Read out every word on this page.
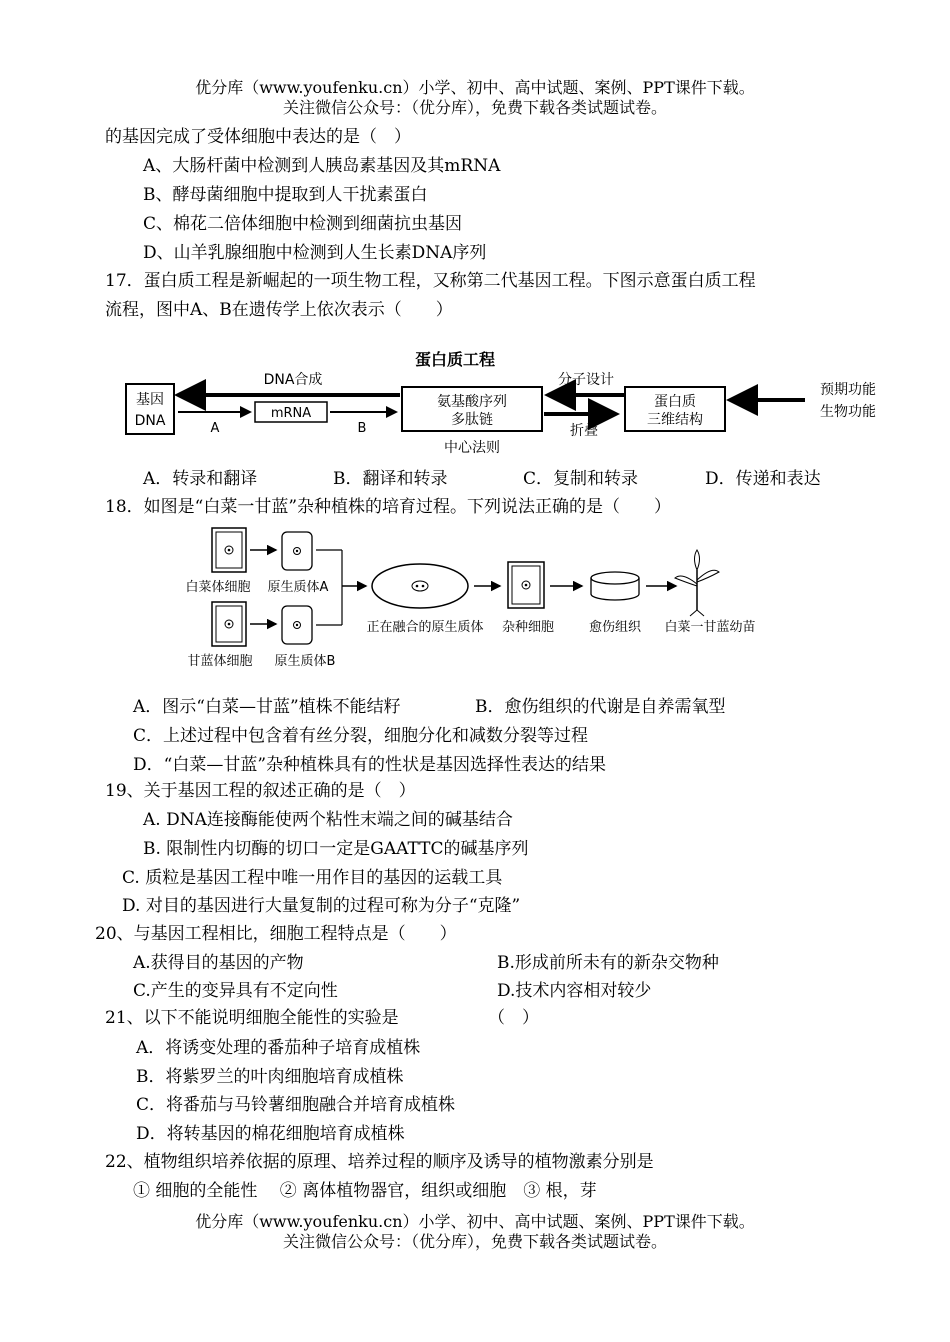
优分库（www.youfenku.cn）小学、初中、高中试题、案例、PPT课件下载。
关注微信公众号：（优分库），免费下载各类试题试卷。
的基因完成了受体细胞中表达的是（　）
A、大肠杆菌中检测到人胰岛素基因及其mRNA
B、酵母菌细胞中提取到人干扰素蛋白
C、棉花二倍体细胞中检测到细菌抗虫基因
D、山羊乳腺细胞中检测到人生长素DNA序列
17．蛋白质工程是新崛起的一项生物工程，又称第二代基因工程。下图示意蛋白质工程
流程，图中A、B在遗传学上依次表示（　　）
蛋白质工程
基因
DNA
DNA合成
A
mRNA
B
氨基酸序列
多肽链
中心法则
分子设计
折叠
蛋白质
三维结构
预期功能
生物功能
A．转录和翻译	B．翻译和转录	C．复制和转录	D．传递和表达
18．如图是“白菜一甘蓝”杂种植株的培育过程。下列说法正确的是（　　）
白菜体细胞 原生质体A
甘蓝体细胞 原生质体B
正在融合的原生质体 杂种细胞	愈伤组织 白菜一甘蓝幼苗
A．图示“白菜—甘蓝”植株不能结籽	B．愈伤组织的代谢是自养需氧型
C．上述过程中包含着有丝分裂，细胞分化和减数分裂等过程
D．“白菜—甘蓝”杂种植株具有的性状是基因选择性表达的结果
19、关于基因工程的叙述正确的是（　）
A. DNA连接酶能使两个粘性末端之间的碱基结合
B. 限制性内切酶的切口一定是GAATTC的碱基序列
C. 质粒是基因工程中唯一用作目的基因的运载工具
D. 对目的基因进行大量复制的过程可称为分子“克隆”
20、与基因工程相比，细胞工程特点是（　　）
A.获得目的基因的产物	B.形成前所未有的新杂交物种
C.产生的变异具有不定向性	D.技术内容相对较少
21、以下不能说明细胞全能性的实验是	（　）
A．将诱变处理的番茄种子培育成植株
B．将紫罗兰的叶肉细胞培育成植株
C．将番茄与马铃薯细胞融合并培育成植株
D．将转基因的棉花细胞培育成植株
22、植物组织培养依据的原理、培养过程的顺序及诱导的植物激素分别是
① 细胞的全能性　 ② 离体植物器官，组织或细胞　③ 根，芽
优分库（www.youfenku.cn）小学、初中、高中试题、案例、PPT课件下载。
关注微信公众号：（优分库），免费下载各类试题试卷。
